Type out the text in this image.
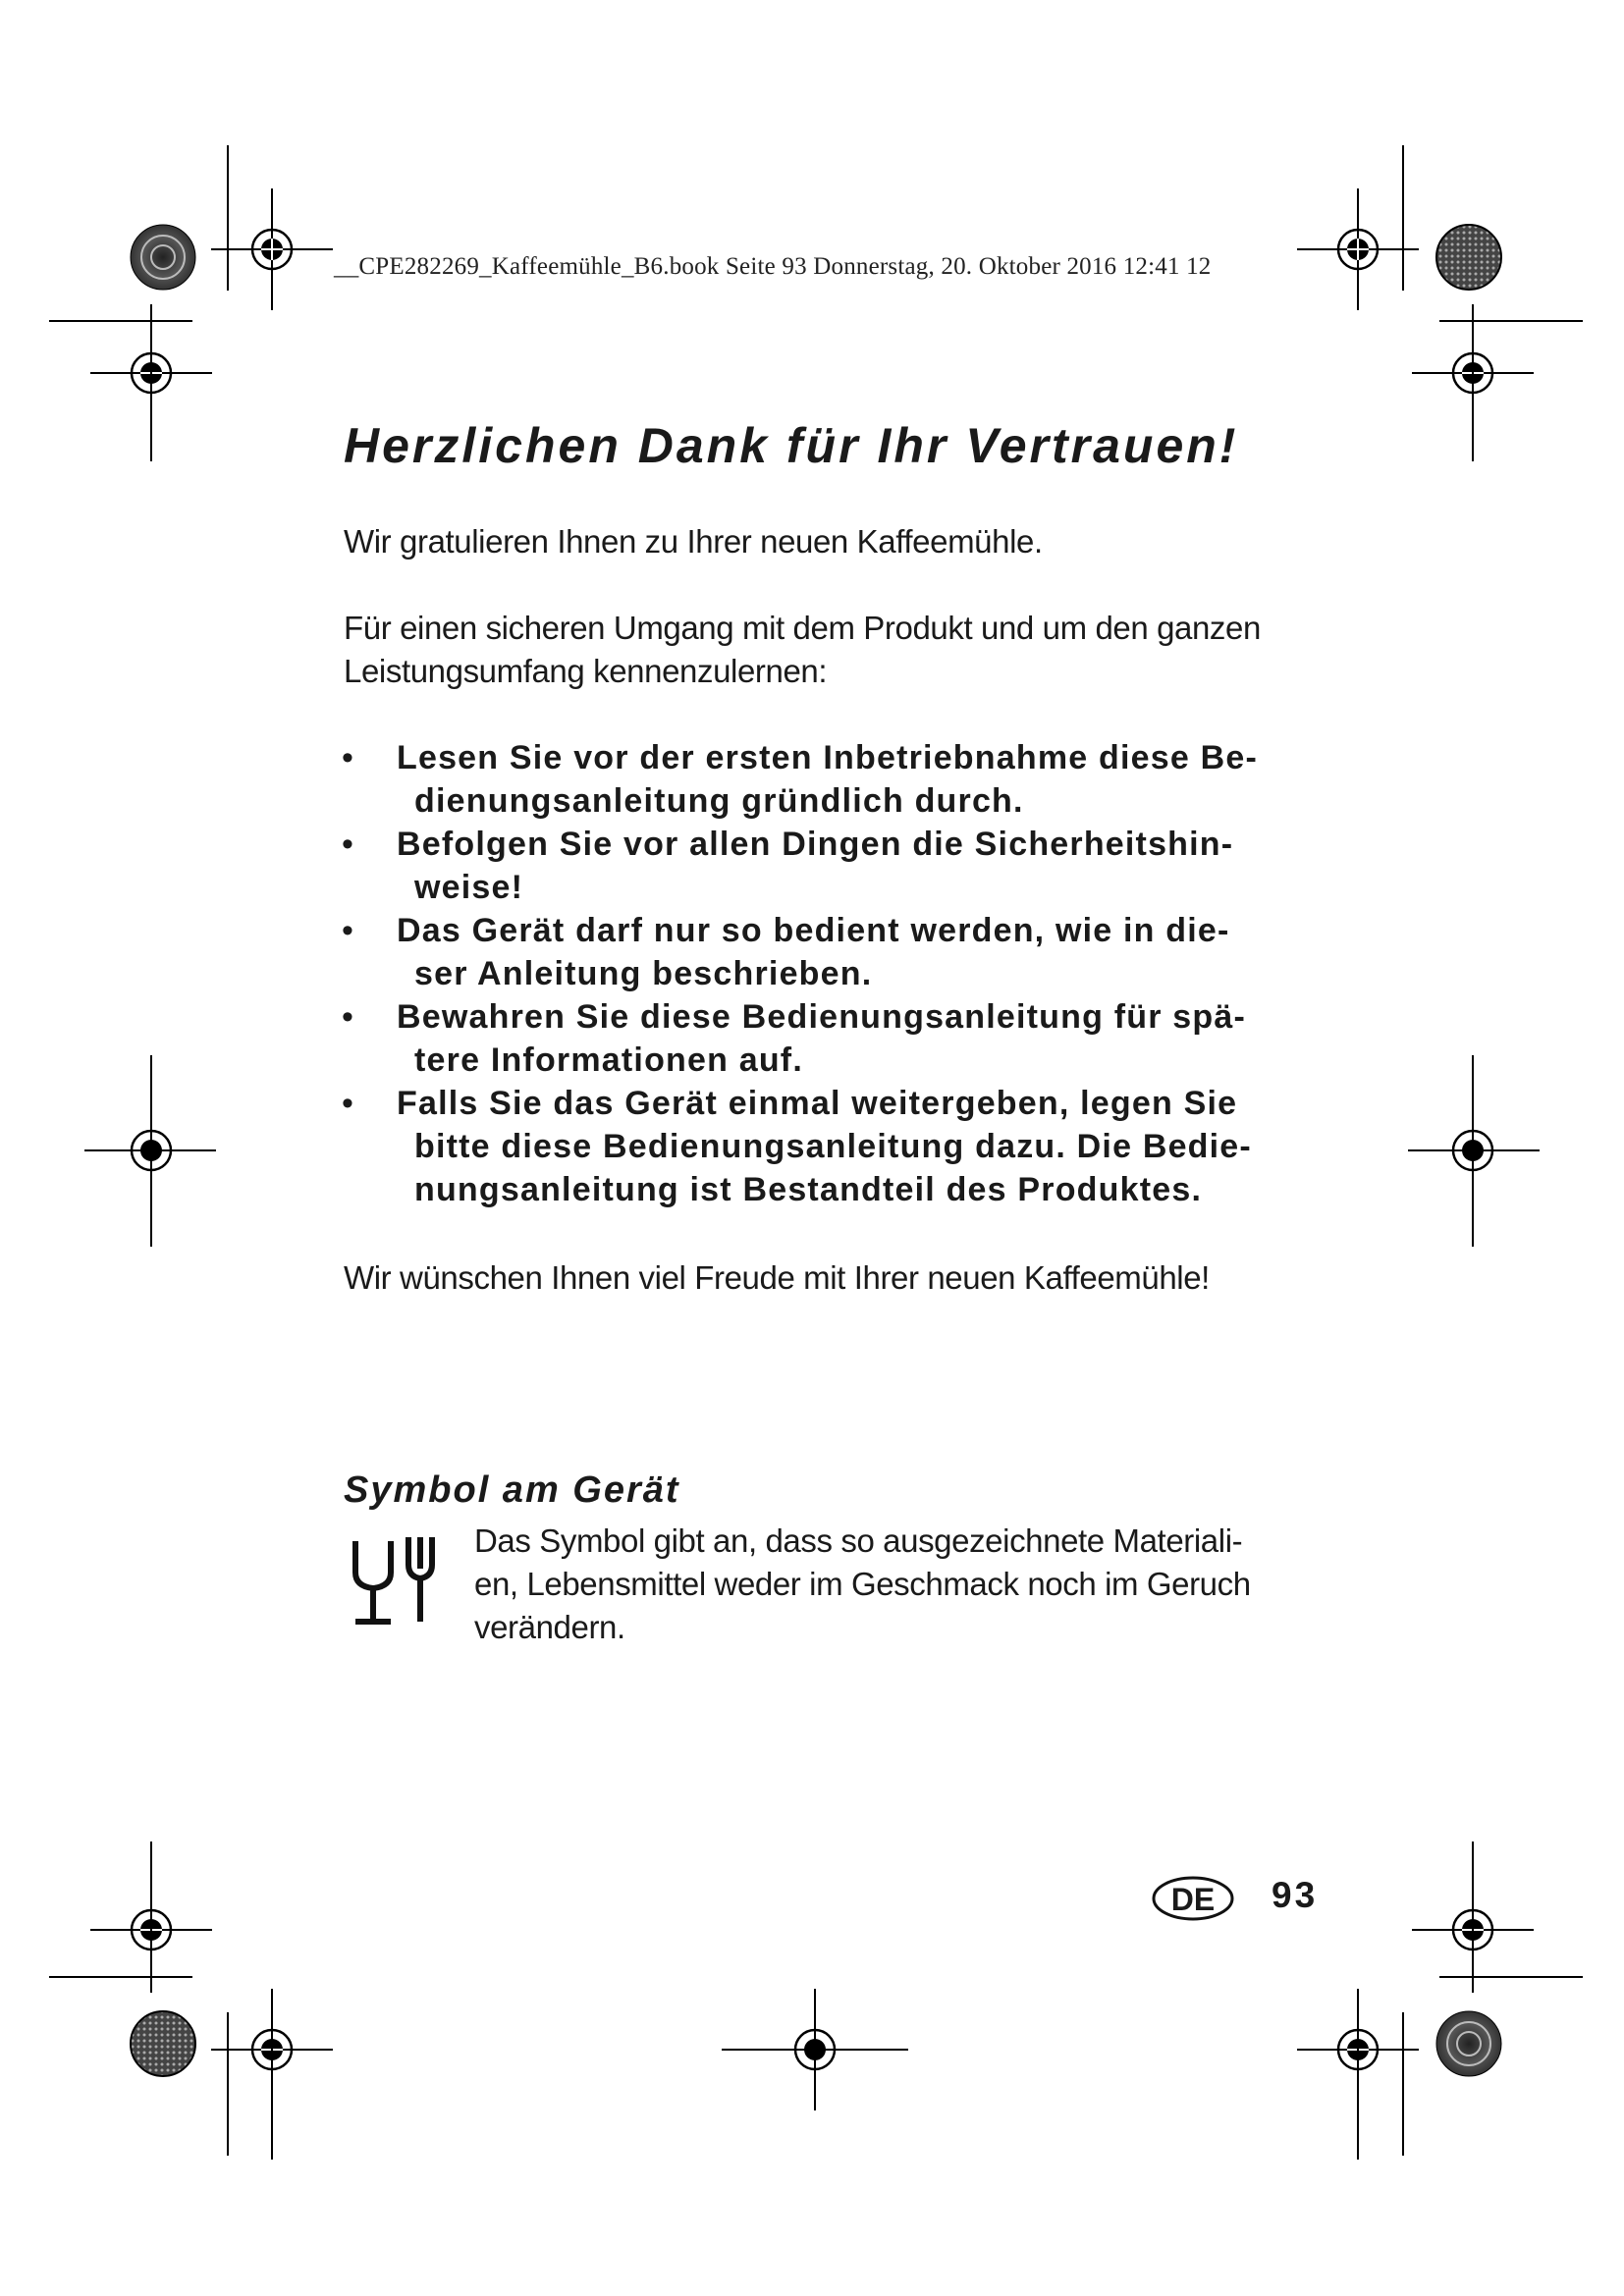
__CPE282269_Kaffeemühle_B6.book Seite 93 Donnerstag, 20. Oktober 2016 12:41 12
Herzlichen Dank für Ihr Vertrauen!

Wir gratulieren Ihnen zu Ihrer neuen Kaffeemühle.

Für einen sicheren Umgang mit dem Produkt und um den ganzen
Leistungsumfang kennenzulernen:

• Lesen Sie vor der ersten Inbetriebnahme diese Be-
dienungsanleitung gründlich durch.
• Befolgen Sie vor allen Dingen die Sicherheitshin-
weise!
• Das Gerät darf nur so bedient werden, wie in die-
ser Anleitung beschrieben.
• Bewahren Sie diese Bedienungsanleitung für spä-
tere Informationen auf.
• Falls Sie das Gerät einmal weitergeben, legen Sie
bitte diese Bedienungsanleitung dazu. Die Bedie-
nungsanleitung ist Bestandteil des Produktes.

Wir wünschen Ihnen viel Freude mit Ihrer neuen Kaffeemühle!

Symbol am Gerät

Das Symbol gibt an, dass so ausgezeichnete Materiali-
en, Lebensmittel weder im Geschmack noch im Geruch
verändern.

DE	93
